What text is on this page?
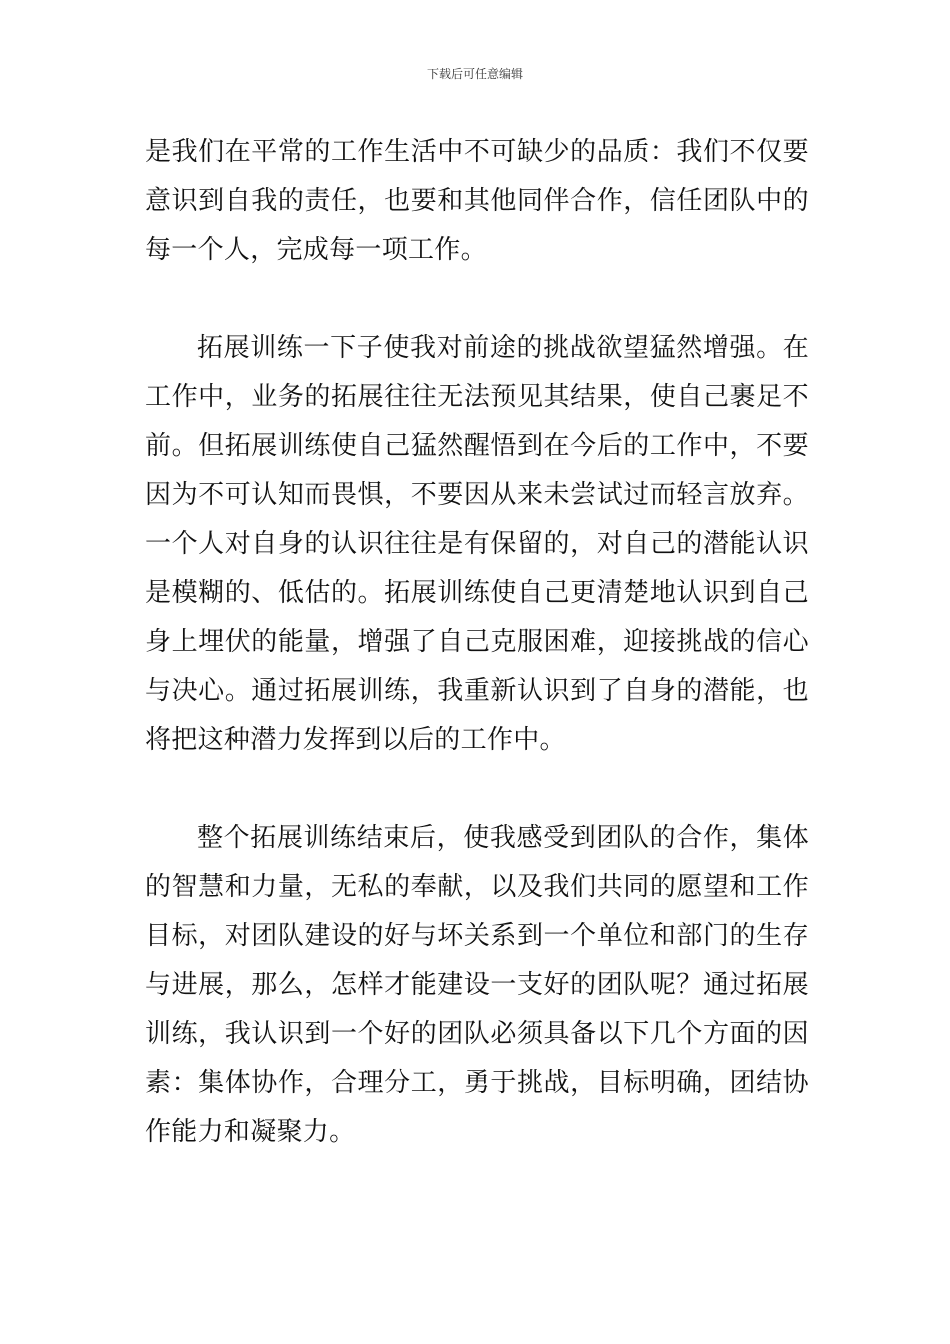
下载后可任意编辑

是我们在平常的工作生活中不可缺少的品质：我们不仅要意识到自我的责任，也要和其他同伴合作，信任团队中的每一个人，完成每一项工作。

拓展训练一下子使我对前途的挑战欲望猛然增强。在工作中，业务的拓展往往无法预见其结果，使自己裹足不前。但拓展训练使自己猛然醒悟到在今后的工作中，不要因为不可认知而畏惧，不要因从来未尝试过而轻言放弃。一个人对自身的认识往往是有保留的，对自己的潜能认识是模糊的、低估的。拓展训练使自己更清楚地认识到自己身上埋伏的能量，增强了自己克服困难，迎接挑战的信心与决心。通过拓展训练，我重新认识到了自身的潜能，也将把这种潜力发挥到以后的工作中。

整个拓展训练结束后，使我感受到团队的合作，集体的智慧和力量，无私的奉献，以及我们共同的愿望和工作目标，对团队建设的好与坏关系到一个单位和部门的生存与进展，那么，怎样才能建设一支好的团队呢？通过拓展训练，我认识到一个好的团队必须具备以下几个方面的因素：集体协作，合理分工，勇于挑战，目标明确，团结协作能力和凝聚力。
